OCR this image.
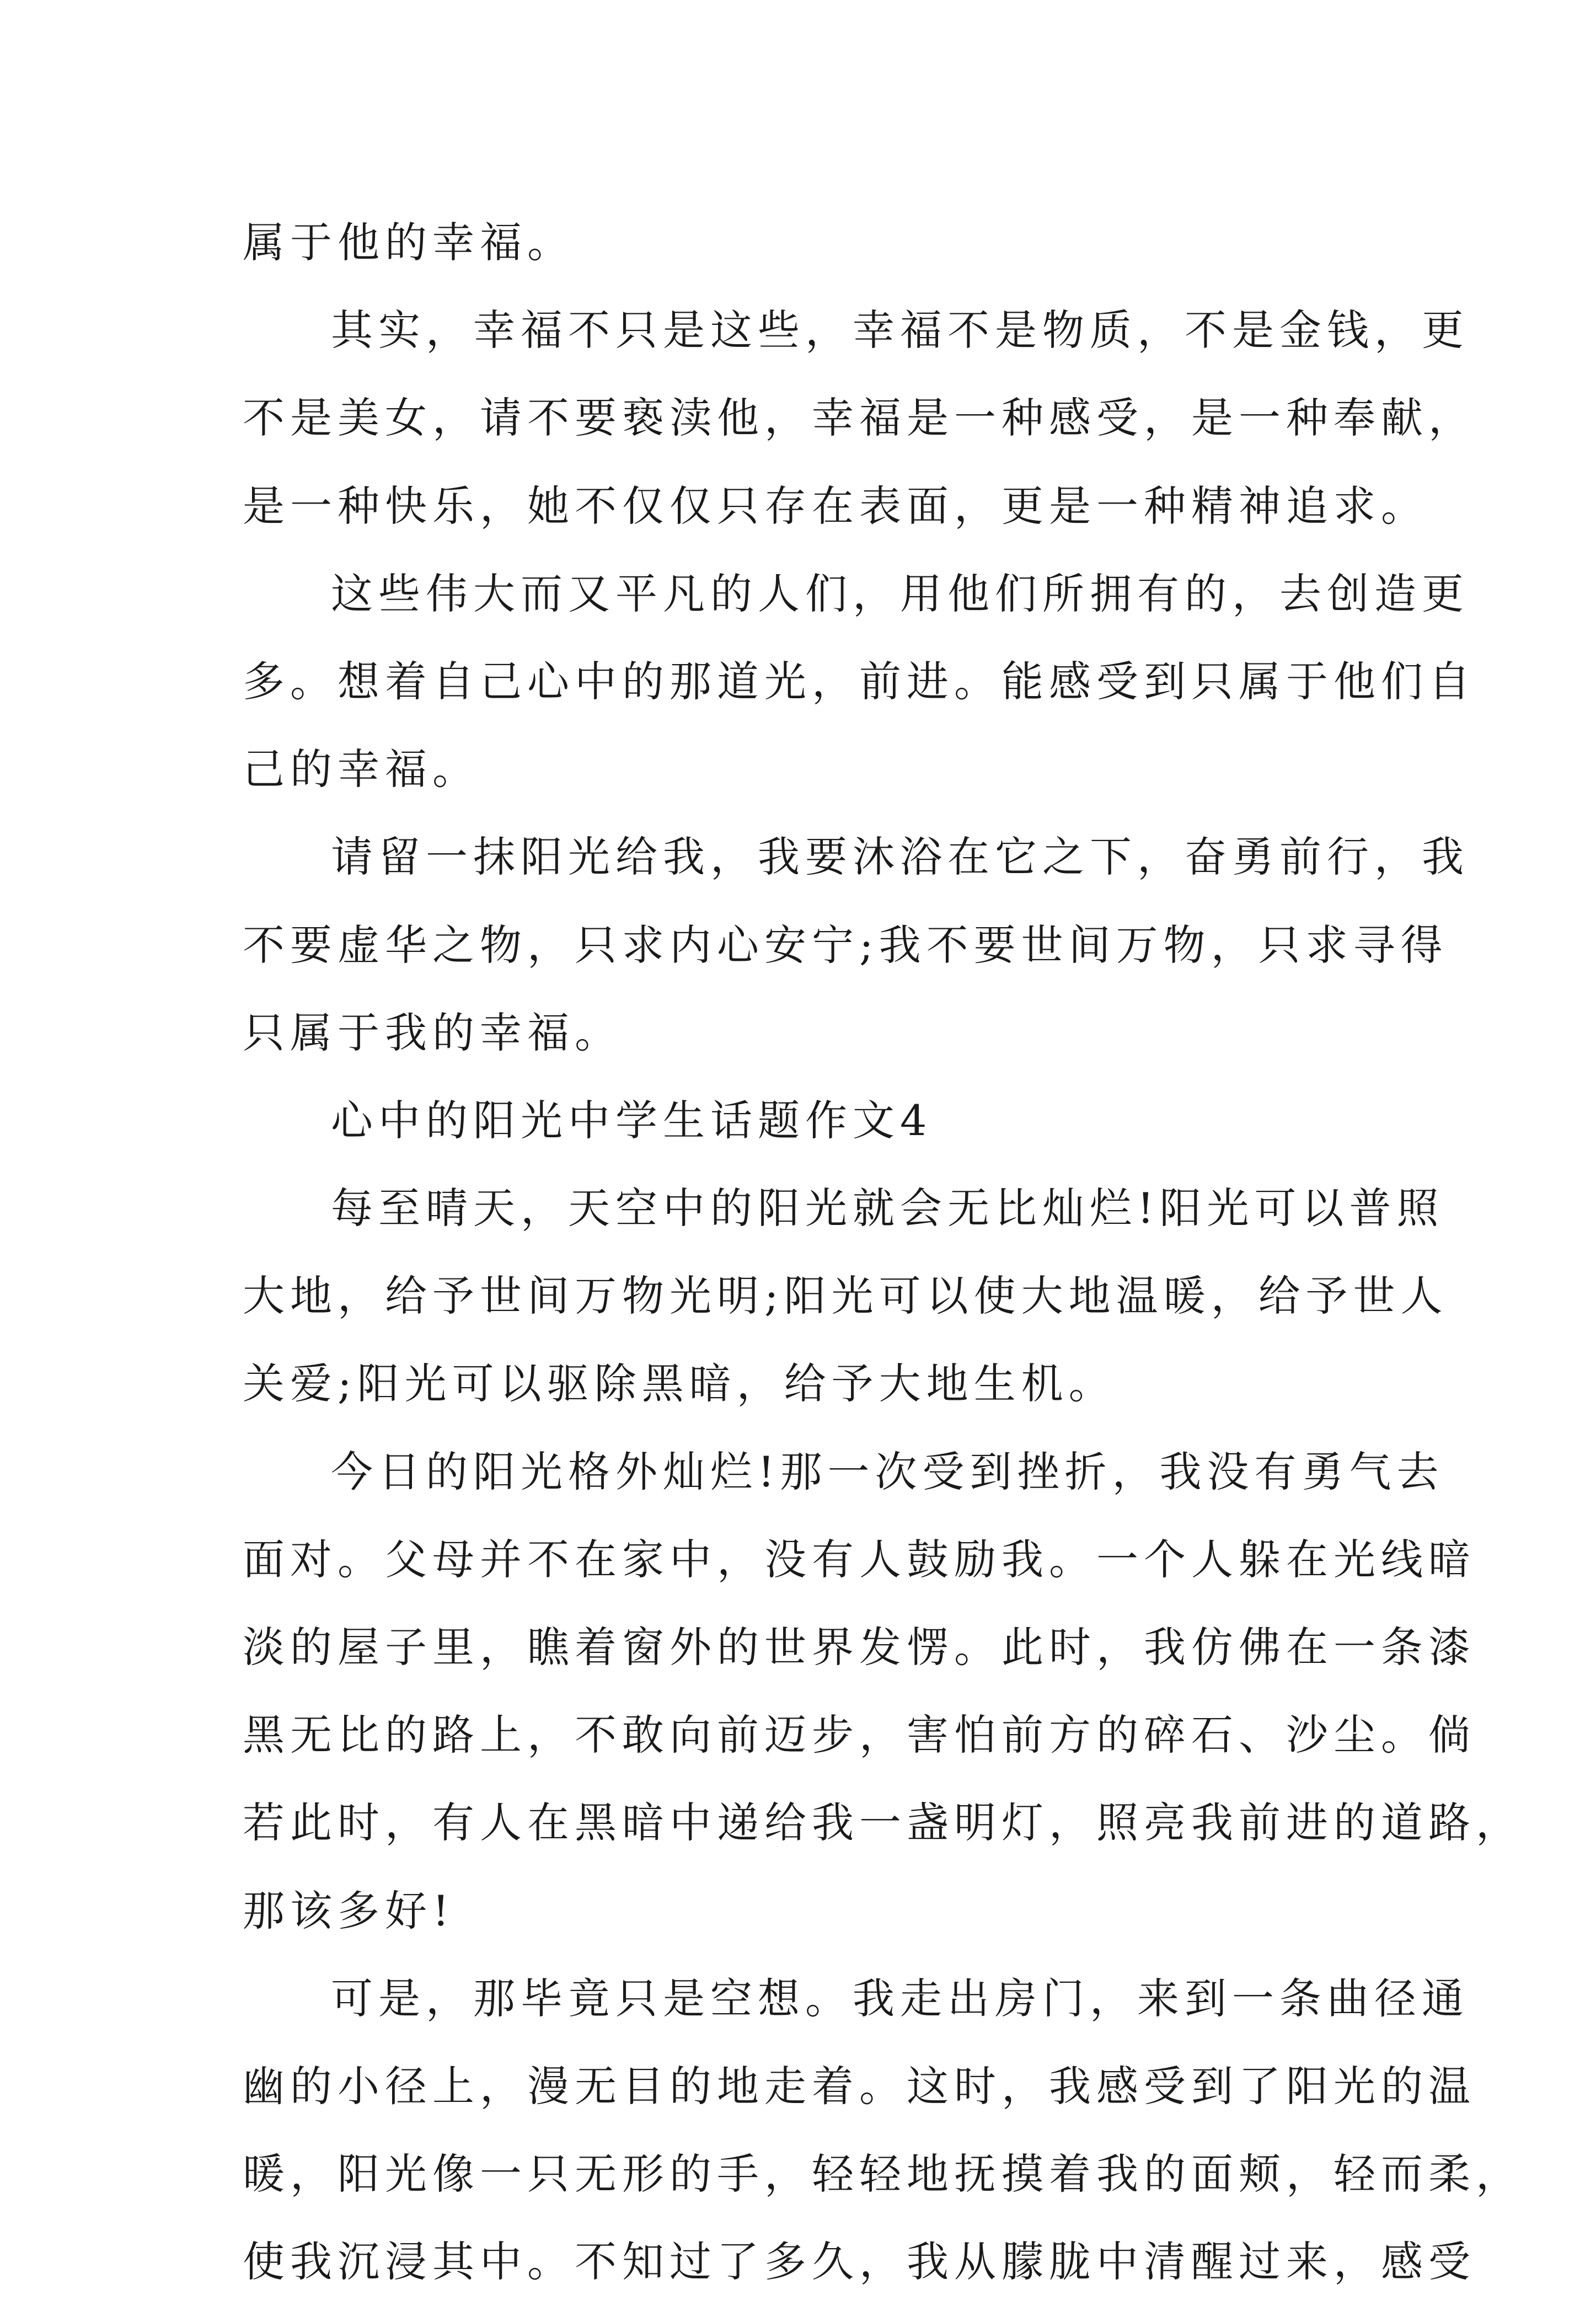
属于他的幸福。
其实，幸福不只是这些，幸福不是物质，不是金钱，更
不是美女，请不要亵渎他，幸福是一种感受，是一种奉献，
是一种快乐，她不仅仅只存在表面，更是一种精神追求。
这些伟大而又平凡的人们，用他们所拥有的，去创造更
多。想着自己心中的那道光，前进。能感受到只属于他们自
己的幸福。
请留一抹阳光给我，我要沐浴在它之下，奋勇前行，我
不要虚华之物，只求内心安宁;我不要世间万物，只求寻得
只属于我的幸福。
心中的阳光中学生话题作文4
每至晴天，天空中的阳光就会无比灿烂!阳光可以普照
大地，给予世间万物光明;阳光可以使大地温暖，给予世人
关爱;阳光可以驱除黑暗，给予大地生机。
今日的阳光格外灿烂!那一次受到挫折，我没有勇气去
面对。父母并不在家中，没有人鼓励我。一个人躲在光线暗
淡的屋子里，瞧着窗外的世界发愣。此时，我仿佛在一条漆
黑无比的路上，不敢向前迈步，害怕前方的碎石、沙尘。倘
若此时，有人在黑暗中递给我一盏明灯，照亮我前进的道路，
那该多好!
可是，那毕竟只是空想。我走出房门，来到一条曲径通
幽的小径上，漫无目的地走着。这时，我感受到了阳光的温
暖，阳光像一只无形的手，轻轻地抚摸着我的面颊，轻而柔，
使我沉浸其中。不知过了多久，我从朦胧中清醒过来，感受
